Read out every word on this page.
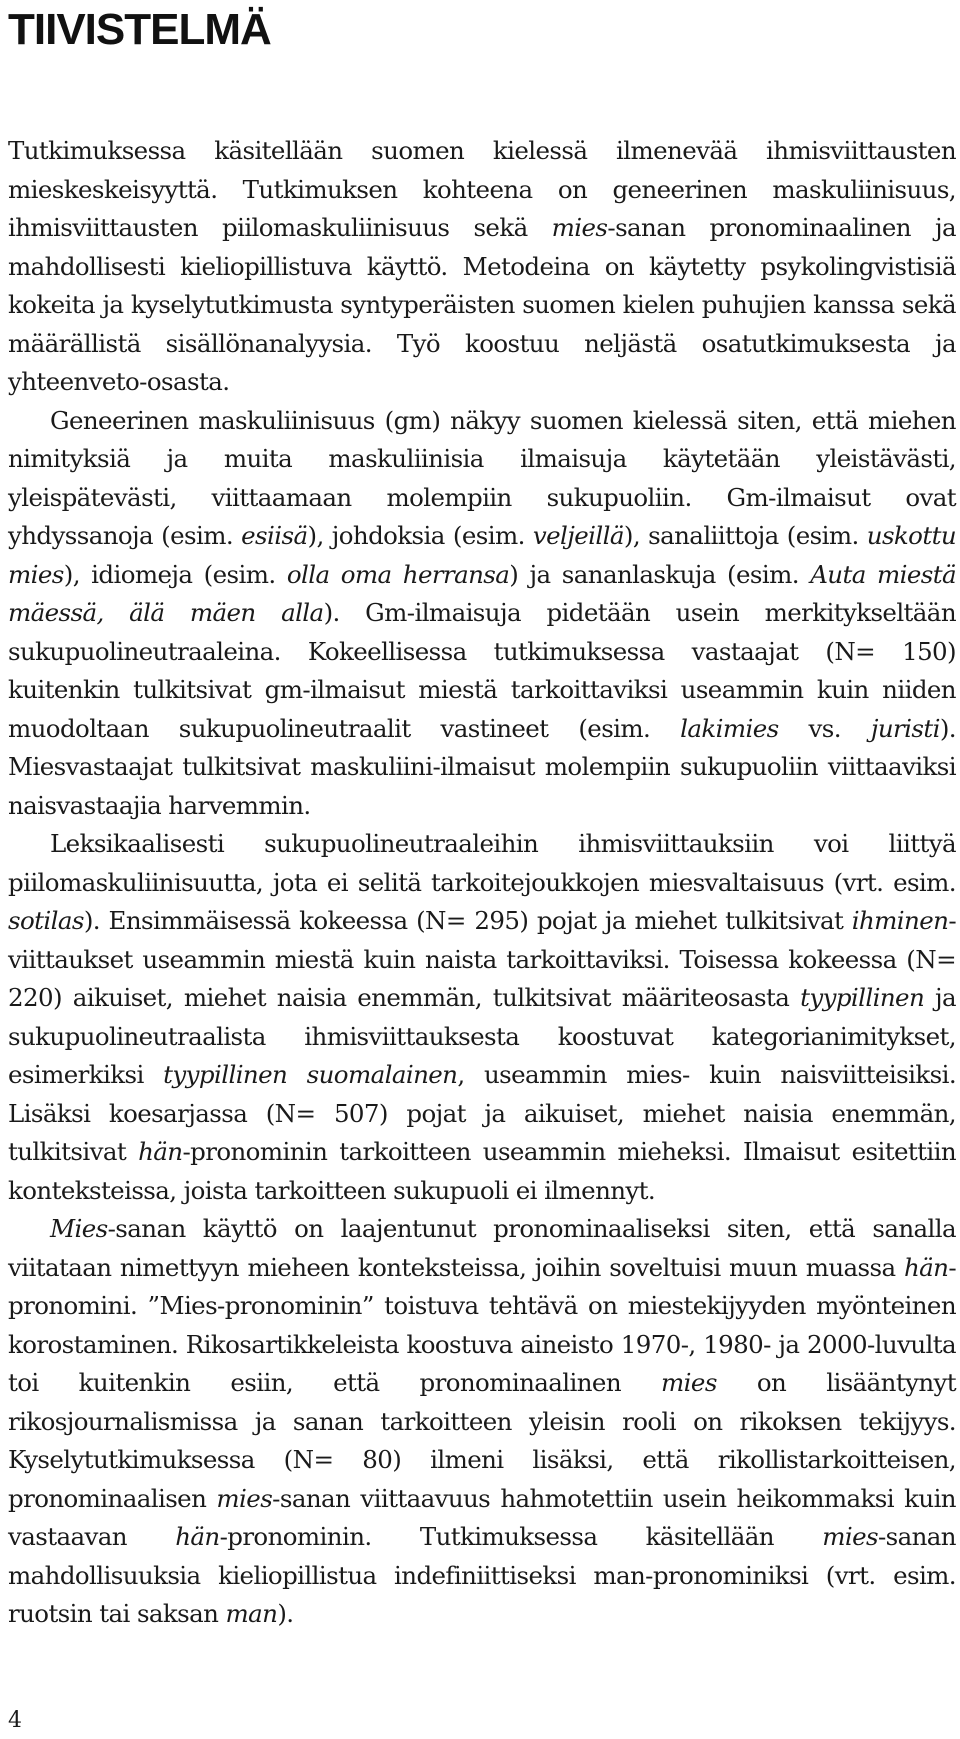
TIIVISTELMÄ

Tutkimuksessa käsitellään suomen kielessä ilmenevää ihmisviittausten mieskeskeisyyttä. Tutkimuksen kohteena on geneerinen maskuliinisuus, ihmisviittausten piilomaskuliinisuus sekä mies-sanan pronominaalinen ja mahdollisesti kieliopillistuva käyttö. Metodeina on käytetty psykolingvistisiä kokeita ja kyselytutkimusta syntyperäisten suomen kielen puhujien kanssa sekä määrällistä sisällönanalyysia. Työ koostuu neljästä osatutkimuksesta ja yhteenveto-osasta.

Geneerinen maskuliinisuus (gm) näkyy suomen kielessä siten, että miehen nimityksiä ja muita maskuliinisia ilmaisuja käytetään yleistävästi, yleispätevästi, viittaamaan molempiin sukupuoliin. Gm-ilmaisut ovat yhdyssanoja (esim. esiisä), johdoksia (esim. veljeillä), sanaliittoja (esim. uskottu mies), idiomeja (esim. olla oma herransa) ja sananlaskuja (esim. Auta miestä mäessä, älä mäen alla). Gm-ilmaisuja pidetään usein merkitykseltään sukupuolineutraaleina. Kokeellisessa tutkimuksessa vastaajat (N= 150) kuitenkin tulkitsivat gm-ilmaisut miestä tarkoittaviksi useammin kuin niiden muodoltaan sukupuolineutraalit vastineet (esim. lakimies vs. juristi). Miesvastaajat tulkitsivat maskuliini-ilmaisut molempiin sukupuoliin viittaaviksi naisvastaajia harvemmin.

Leksikaalisesti sukupuolineutraaleihin ihmisviittauksiin voi liittyä piilomaskuliinisuutta, jota ei selitä tarkoitejoukkojen miesvaltaisuus (vrt. esim. sotilas). Ensimmäisessä kokeessa (N= 295) pojat ja miehet tulkitsivat ihminen-viittaukset useammin miestä kuin naista tarkoittaviksi. Toisessa kokeessa (N= 220) aikuiset, miehet naisia enemmän, tulkitsivat määriteosasta tyypillinen ja sukupuolineutraalista ihmisviittauksesta koostuvat kategorianimitykset, esimerkiksi tyypillinen suomalainen, useammin mies- kuin naisviitteisiksi. Lisäksi koesarjassa (N= 507) pojat ja aikuiset, miehet naisia enemmän, tulkitsivat hän-pronominin tarkoitteen useammin mieheksi. Ilmaisut esitettiin konteksteissa, joista tarkoitteen sukupuoli ei ilmennyt.

Mies-sanan käyttö on laajentunut pronominaaliseksi siten, että sanalla viitataan nimettyyn mieheen konteksteissa, joihin soveltuisi muun muassa hän-pronomini. ”Mies-pronominin” toistuva tehtävä on miestekijyyden myönteinen korostaminen. Rikosartikkeleista koostuva aineisto 1970-, 1980- ja 2000-luvulta toi kuitenkin esiin, että pronominaalinen mies on lisääntynyt rikosjournalismissa ja sanan tarkoitteen yleisin rooli on rikoksen tekijyys. Kyselytutkimuksessa (N= 80) ilmeni lisäksi, että rikollistarkoitteisen, pronominaalisen mies-sanan viittaavuus hahmotettiin usein heikommaksi kuin vastaavan hän-pronominin. Tutkimuksessa käsitellään mies-sanan mahdollisuuksia kieliopillistua indefiniittiseksi man-pronominiksi (vrt. esim. ruotsin tai saksan man).

4
